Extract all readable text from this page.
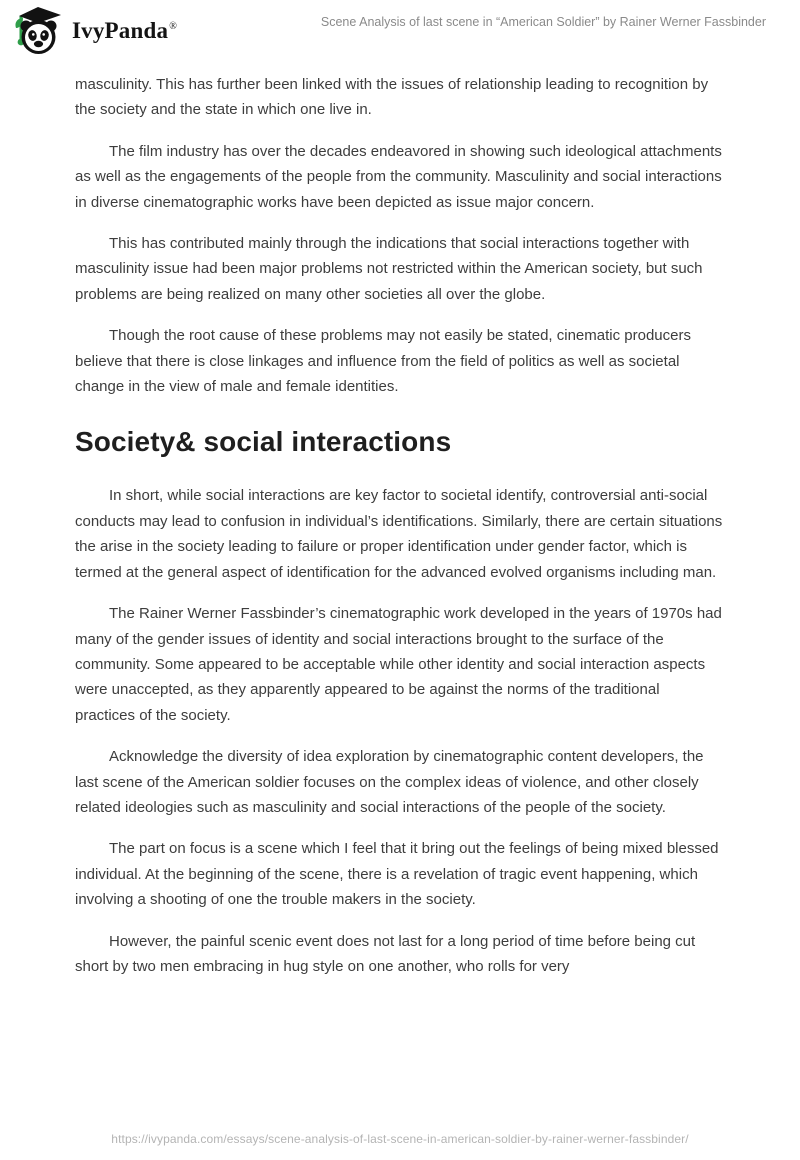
IvyPanda®	Scene Analysis of last scene in “American Soldier” by Rainer Werner Fassbinder

masculinity. This has further been linked with the issues of relationship leading to recognition by the society and the state in which one live in.

The film industry has over the decades endeavored in showing such ideological attachments as well as the engagements of the people from the community. Masculinity and social interactions in diverse cinematographic works have been depicted as issue major concern.

This has contributed mainly through the indications that social interactions together with masculinity issue had been major problems not restricted within the American society, but such problems are being realized on many other societies all over the globe.

Though the root cause of these problems may not easily be stated, cinematic producers believe that there is close linkages and influence from the field of politics as well as societal change in the view of male and female identities.

Society& social interactions

In short, while social interactions are key factor to societal identify, controversial anti-social conducts may lead to confusion in individual’s identifications. Similarly, there are certain situations the arise in the society leading to failure or proper identification under gender factor, which is termed at the general aspect of identification for the advanced evolved organisms including man.

The Rainer Werner Fassbinder’s cinematographic work developed in the years of 1970s had many of the gender issues of identity and social interactions brought to the surface of the community. Some appeared to be acceptable while other identity and social interaction aspects were unaccepted, as they apparently appeared to be against the norms of the traditional practices of the society.

Acknowledge the diversity of idea exploration by cinematographic content developers, the last scene of the American soldier focuses on the complex ideas of violence, and other closely related ideologies such as masculinity and social interactions of the people of the society.

The part on focus is a scene which I feel that it bring out the feelings of being mixed blessed individual. At the beginning of the scene, there is a revelation of tragic event happening, which involving a shooting of one the trouble makers in the society.

However, the painful scenic event does not last for a long period of time before being cut short by two men embracing in hug style on one another, who rolls for very

https://ivypanda.com/essays/scene-analysis-of-last-scene-in-american-soldier-by-rainer-werner-fassbinder/
